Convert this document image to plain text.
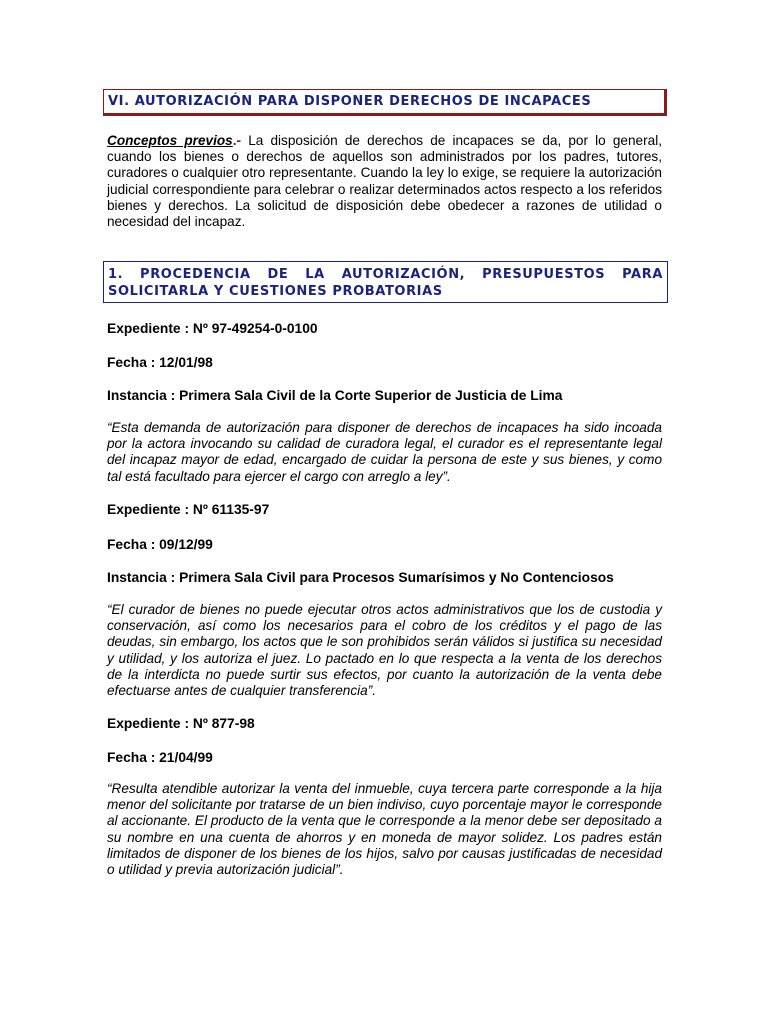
VI. AUTORIZACIÓN PARA DISPONER DERECHOS DE INCAPACES
Conceptos previos.- La disposición de derechos de incapaces se da, por lo general, cuando los bienes o derechos de aquellos son administrados por los padres, tutores, curadores o cualquier otro representante. Cuando la ley lo exige, se requiere la autorización judicial correspondiente para celebrar o realizar determinados actos respecto a los referidos bienes y derechos. La solicitud de disposición debe obedecer a razones de utilidad o necesidad del incapaz.
1. PROCEDENCIA DE LA AUTORIZACIÓN, PRESUPUESTOS PARA
SOLICITARLA Y CUESTIONES PROBATORIAS
Expediente : Nº 97-49254-0-0100
Fecha : 12/01/98
Instancia : Primera Sala Civil de la Corte Superior de Justicia de Lima
“Esta demanda de autorización para disponer de derechos de incapaces ha sido incoada por la actora invocando su calidad de curadora legal, el curador es el representante legal del incapaz mayor de edad, encargado de cuidar la persona de este y sus bienes, y como tal está facultado para ejercer el cargo con arreglo a ley”.
Expediente : Nº 61135-97
Fecha : 09/12/99
Instancia : Primera Sala Civil para Procesos Sumarísimos y No Contenciosos
“El curador de bienes no puede ejecutar otros actos administrativos que los de custodia y conservación, así como los necesarios para el cobro de los créditos y el pago de las deudas, sin embargo, los actos que le son prohibidos serán válidos si justifica su necesidad y utilidad, y los autoriza el juez. Lo pactado en lo que respecta a la venta de los derechos de la interdicta no puede surtir sus efectos, por cuanto la autorización de la venta debe efectuarse antes de cualquier transferencia”.
Expediente : Nº 877-98
Fecha : 21/04/99
“Resulta atendible autorizar la venta del inmueble, cuya tercera parte corresponde a la hija menor del solicitante por tratarse de un bien indiviso, cuyo porcentaje mayor le corresponde al accionante. El producto de la venta que le corresponde a la menor debe ser depositado a su nombre en una cuenta de ahorros y en moneda de mayor solidez. Los padres están limitados de disponer de los bienes de los hijos, salvo por causas justificadas de necesidad o utilidad y previa autorización judicial”.
